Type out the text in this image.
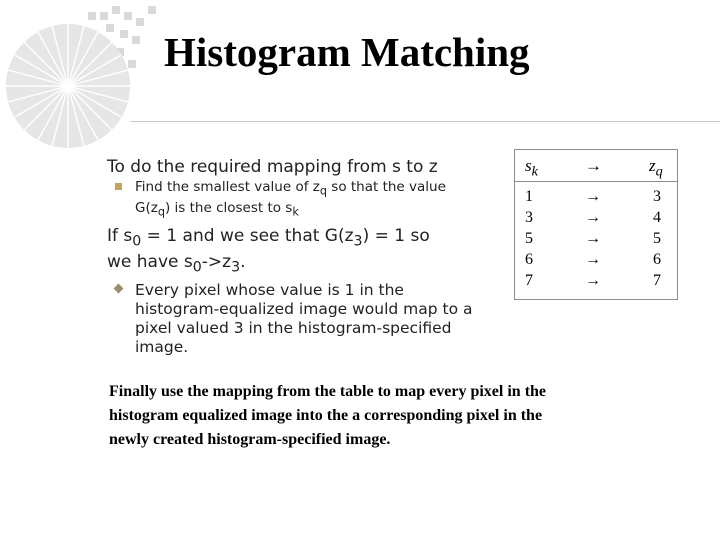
Histogram Matching

To do the required mapping from s to z

Find the smallest value of $z_q$ so that the value
$G(z_q)$ is the closest to $s_k$

If $s_0 = 1$ and we see that $G(z_3) = 1$ so
we have $s_0->z_3$.

Every pixel whose value is 1 in the histogram-equalized image would map to a pixel valued 3 in the histogram-specified image.
$s_k$	→	$z_q$
1	→	3
3	→	4
5	→	5
6	→	6
7	→	7
Finally use the mapping from the table to map every pixel in the histogram equalized image into the a corresponding pixel in the newly created histogram-specified image.
